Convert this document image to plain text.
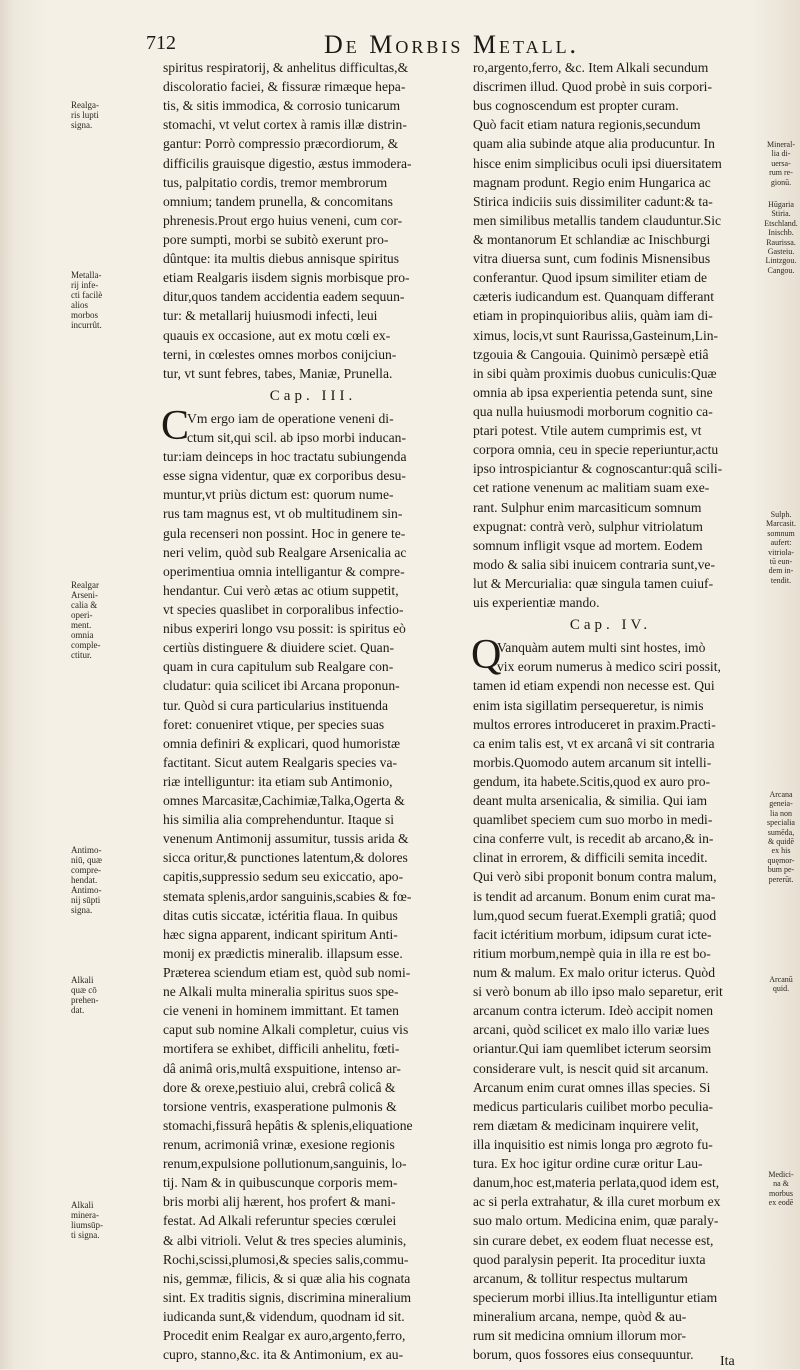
712	De Morbis Metall.
spiritus respiratorij, & anhelitus difficultas,&
discoloratio faciei, & fissuræ rimæque hepa-
tis, & sitis immodica, & corrosio tunicarum
stomachi, vt velut cortex à ramis illæ distrin-
gantur: Porrò compressio præcordiorum, &
difficilis grauisque digestio, æstus immodera-
tus, palpitatio cordis, tremor membrorum
omnium; tandem prunella, & concomitans
phrenesis.Prout ergo huius veneni, cum cor-
pore sumpti, morbi se subitò exerunt pro-
dûntque: ita multis diebus annisque spiritus
etiam Realgaris iisdem signis morbisque pro-
ditur,quos tandem accidentia eadem sequun-
tur: & metallarij huiusmodi infecti, leui
quauis ex occasione, aut ex motu cœli ex-
terni, in cœlestes omnes morbos conijciun-
tur, vt sunt febres, tabes, Maniæ, Prunella.
Cap. III.
C
Vm ergo iam de operatione veneni di-
ctum sit,qui scil. ab ipso morbi inducan-
tur:iam deinceps in hoc tractatu subiungenda
esse signa videntur, quæ ex corporibus desu-
muntur,vt priùs dictum est: quorum nume-
rus tam magnus est, vt ob multitudinem sin-
gula recenseri non possint. Hoc in genere te-
neri velim, quòd sub Realgare Arsenicalia ac
operimentiua omnia intelligantur & compre-
hendantur. Cui verò ætas ac otium suppetit,
vt species quaslibet in corporalibus infectio-
nibus experiri longo vsu possit: is spiritus eò
certiùs distinguere & diuidere sciet. Quan-
quam in cura capitulum sub Realgare con-
cludatur: quia scilicet ibi Arcana proponun-
tur. Quòd si cura particularius instituenda
foret: conueniret vtique, per species suas
omnia definiri & explicari, quod humoristæ
factitant. Sicut autem Realgaris species va-
riæ intelliguntur: ita etiam sub Antimonio,
omnes Marcasitæ,Cachimiæ,Talka,Ogerta &
his similia alia comprehenduntur. Itaque si
venenum Antimonij assumitur, tussis arida &
sicca oritur,& punctiones latentum,& dolores
capitis,suppressio sedum seu exiccatio, apo-
stemata splenis,ardor sanguinis,scabies & fœ-
ditas cutis siccatæ, ictéritia flaua. In quibus
hæc signa apparent, indicant spiritum Anti-
monij ex prædictis mineralib. illapsum esse.
Præterea sciendum etiam est, quòd sub nomi-
ne Alkali multa mineralia spiritus suos spe-
cie veneni in hominem immittant. Et tamen
caput sub nomine Alkali completur, cuius vis
mortifera se exhibet, difficili anhelitu, fœti-
dâ animâ oris,multâ exspuitione, intenso ar-
dore & orexe,pestiuio alui, crebrâ colicâ &
torsione ventris, exasperatione pulmonis &
stomachi,fissurâ hepâtis & splenis,eliquatione
renum, acrimoniâ vrinæ, exesione regionis
renum,expulsione pollutionum,sanguinis, lo-
tij. Nam & in quibuscunque corporis mem-
bris morbi alij hærent, hos profert & mani-
festat. Ad Alkali referuntur species cœrulei
& albi vitrioli. Velut & tres species aluminis,
Rochi,scissi,plumosi,& species salis,commu-
nis, gemmæ, filicis, & si quæ alia his cognata
sint. Ex traditis signis, discrimina mineralium
iudicanda sunt,& videndum, quodnam id sit.
Procedit enim Realgar ex auro,argento,ferro,
cupro, stanno,&c. ita & Antimonium, ex au-
ro,argento,ferro, &c. Item Alkali secundum
discrimen illud. Quod probè in suis corpori-
bus cognoscendum est propter curam.
Quò facit etiam natura regionis,secundum
quam alia subinde atque alia producuntur. In
hisce enim simplicibus oculi ipsi diuersitatem
magnam produnt. Regio enim Hungarica ac
Stirica indiciis suis dissimiliter cadunt:& ta-
men similibus metallis tandem clauduntur.Sic
& montanorum Et schlandiæ ac Inischburgi
vitra diuersa sunt, cum fodinis Misnensibus
conferantur. Quod ipsum similiter etiam de
cæteris iudicandum est. Quanquam differant
etiam in propinquioribus aliis, quàm iam di-
ximus, locis,vt sunt Raurissa,Gasteinum,Lin-
tzgouia & Cangouia. Quinimò persæpè etiâ
in sibi quàm proximis duobus cuniculis:Quæ
omnia ab ipsa experientia petenda sunt, sine
qua nulla huiusmodi morborum cognitio ca-
ptari potest. Vtile autem cumprimis est, vt
corpora omnia, ceu in specie reperiuntur,actu
ipso introspiciantur & cognoscantur:quâ scili-
cet ratione venenum ac malitiam suam exe-
rant. Sulphur enim marcasiticum somnum
expugnat: contrà verò, sulphur vitriolatum
somnum infligit vsque ad mortem. Eodem
modo & salia sibi inuicem contraria sunt,ve-
lut & Mercurialia: quæ singula tamen cuiuf-
uis experientiæ mando.
Cap. IV.
Q
Vanquàm autem multi sint hostes, imò
vix eorum numerus à medico sciri possit,
tamen id etiam expendi non necesse est. Qui
enim ista sigillatim persequeretur, is nimis
multos errores introduceret in praxim.Practi-
ca enim talis est, vt ex arcanâ vi sit contraria
morbis.Quomodo autem arcanum sit intelli-
gendum, ita habete.Scitis,quod ex auro pro-
deant multa arsenicalia, & similia. Qui iam
quamlibet speciem cum suo morbo in medi-
cina conferre vult, is recedit ab arcano,& in-
clinat in errorem, & difficili semita incedit.
Qui verò sibi proponit bonum contra malum,
is tendit ad arcanum. Bonum enim curat ma-
lum,quod secum fuerat.Exempli gratiâ; quod
facit ictéritium morbum, idipsum curat icte-
ritium morbum,nempè quia in illa re est bo-
num & malum. Ex malo oritur icterus. Quòd
si verò bonum ab illo ipso malo separetur, erit
arcanum contra icterum. Ideò accipit nomen
arcani, quòd scilicet ex malo illo variæ lues
oriantur.Qui iam quemlibet icterum seorsim
considerare vult, is nescit quid sit arcanum.
Arcanum enim curat omnes illas species. Si
medicus particularis cuilibet morbo peculia-
rem diætam & medicinam inquirere velit,
illa inquisitio est nimis longa pro ægroto fu-
tura. Ex hoc igitur ordine curæ oritur Lau-
danum,hoc est,materia perlata,quod idem est,
ac si perla extrahatur, & illa curet morbum ex
suo malo ortum. Medicina enim, quæ paraly-
sin curare debet, ex eodem fluat necesse est,
quod paralysin peperit. Ita proceditur iuxta
arcanum, & tollitur respectus multarum
specierum morbi illius.Ita intelliguntur etiam
mineralium arcana, nempe, quòd & au-
rum sit medicina omnium illorum mor-
borum, quos fossores eius consequuntur.
Realga-
ris lupti
signa.
Metalla-
rij infe-
cti facilè
alios
morbos
incurrût.
Realgar
Arseni-
calia &
operi-
ment.
omnia
comple-
ctitur.
Antimo-
niū, quæ
compre-
hendat.
Antimo-
nij sūpti
signa.
Alkali
quæ cō
prehen-
dat.
Alkali
minera-
liumsūp-
ti signa.
Mineral-
lia di-
uersa-
rum re-
gionū.
Hūgaria
Stiria.
Etschland.
Inischb.
Raurissa.
Gasteiu.
Lintzgou.
Cangou.
Sulph.
Marcasit.
somnum
aufert:
vitriola-
tū eun-
dem in-
tendit.
Arcana
geneia-
lia non
specialia
sumēda,
& quidē
ex his
quęmor-
bum pe-
pererūt.
Arcanū
quid.
Medici-
na &
morbus
ex eodē
Ita
